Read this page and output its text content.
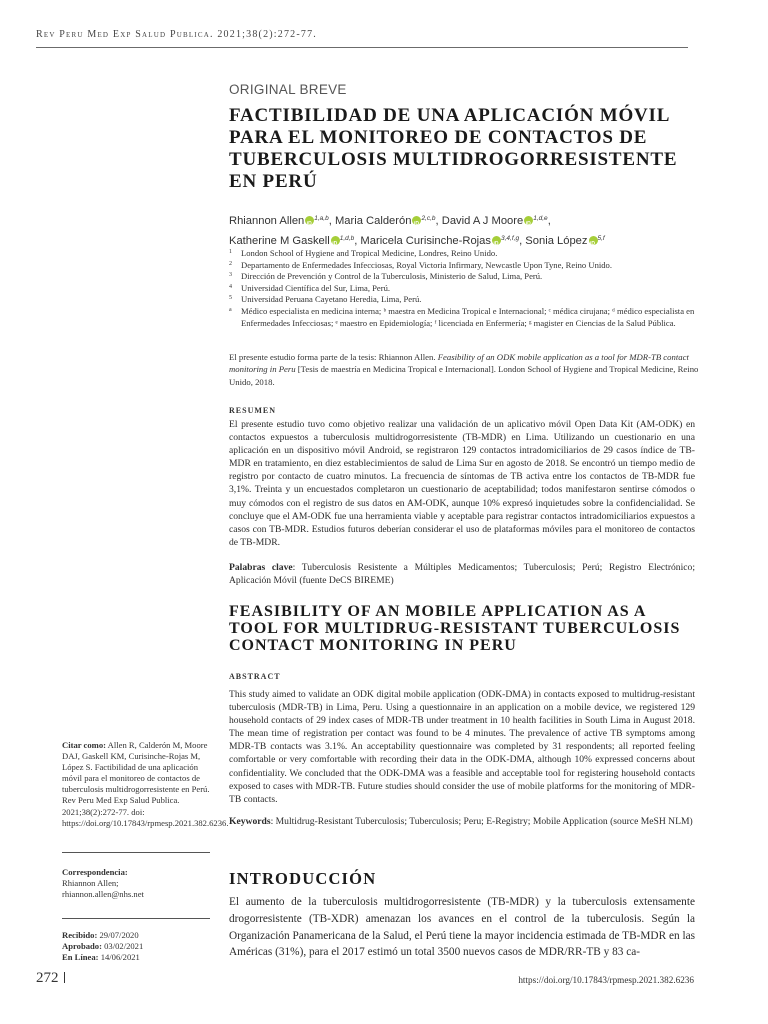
Rev Peru Med Exp Salud Publica. 2021;38(2):272-77.
ORIGINAL BREVE
FACTIBILIDAD DE UNA APLICACIÓN MÓVIL PARA EL MONITOREO DE CONTACTOS DE TUBERCULOSIS MULTIDROGORRESISTENTE EN PERÚ
Rhiannon Allen iD $^{1,a,b}$, Maria Calderón iD $^{2,c,b}$, David A J Moore iD $^{1,d,e}$,
Katherine M Gaskell iD $^{1,d,b}$, Maricela Curisinche-Rojas iD $^{3,4,f,g}$, Sonia López iD $^{5,f}$
1	London School of Hygiene and Tropical Medicine, Londres, Reino Unido.
2	Departamento de Enfermedades Infecciosas, Royal Victoria Infirmary, Newcastle Upon Tyne, Reino Unido.
3	Dirección de Prevención y Control de la Tuberculosis, Ministerio de Salud, Lima, Perú.
4	Universidad Científica del Sur, Lima, Perú.
5	Universidad Peruana Cayetano Heredia, Lima, Perú.
a	Médico especialista en medicina interna; ᵇ maestra en Medicina Tropical e Internacional; ᶜ médica cirujana; ᵈ médico especialista en Enfermedades Infecciosas; ᵉ maestro en Epidemiología; ᶠ licenciada en Enfermería; ᵍ magister en Ciencias de la Salud Pública.

El presente estudio forma parte de la tesis: Rhiannon Allen. Feasibility of an ODK mobile application as a tool for MDR-TB contact monitoring in Peru [Tesis de maestría en Medicina Tropical e Internacional]. London School of Hygiene and Tropical Medicine, Reino Unido, 2018.

resumen

El presente estudio tuvo como objetivo realizar una validación de un aplicativo móvil Open Data Kit (AM-ODK) en contactos expuestos a tuberculosis multidrogorresistente (TB-MDR) en Lima. Utilizando un cuestionario en una aplicación en un dispositivo móvil Android, se registraron 129 contactos intradomiciliarios de 29 casos índice de TB-MDR en tratamiento, en diez establecimientos de salud de Lima Sur en agosto de 2018. Se encontró un tiempo medio de registro por contacto de cuatro minutos. La frecuencia de síntomas de TB activa entre los contactos de TB-MDR fue 3,1%. Treinta y un encuestados completaron un cuestionario de aceptabilidad; todos manifestaron sentirse cómodos o muy cómodos con el registro de sus datos en AM-ODK, aunque 10% expresó inquietudes sobre la confidencialidad. Se concluye que el AM-ODK fue una herramienta viable y aceptable para registrar contactos intradomiciliarios expuestos a casos con TB-MDR. Estudios futuros deberían considerar el uso de plataformas móviles para el monitoreo de contactos de TB-MDR.

Palabras clave: Tuberculosis Resistente a Múltiples Medicamentos; Tuberculosis; Perú; Registro Electrónico; Aplicación Móvil (fuente DeCS BIREME)

FEASIBILITY OF AN MOBILE APPLICATION AS A TOOL FOR MULTIDRUG-RESISTANT TUBERCULOSIS CONTACT MONITORING IN PERU
abstract

This study aimed to validate an ODK digital mobile application (ODK-DMA) in contacts exposed to multidrug-resistant tuberculosis (MDR-TB) in Lima, Peru. Using a questionnaire in an application on a mobile device, we registered 129 household contacts of 29 index cases of MDR-TB under treatment in 10 health facilities in South Lima in August 2018. The mean time of registration per contact was found to be 4 minutes. The prevalence of active TB symptoms among MDR-TB contacts was 3.1%. An acceptability questionnaire was completed by 31 respondents; all reported feeling comfortable or very comfortable with recording their data in the ODK-DMA, although 10% expressed concerns about confidentiality. We concluded that the ODK-DMA was a feasible and acceptable tool for registering household contacts exposed to cases with MDR-TB. Future studies should consider the use of mobile platforms for the monitoring of MDR-TB contacts.

Keywords: Multidrug-Resistant Tuberculosis; Tuberculosis; Peru; E-Registry; Mobile Application (source MeSH NLM)

INTRODUCCIÓN

El aumento de la tuberculosis multidrogorresistente (TB-MDR) y la tuberculosis extensamente drogorresistente (TB-XDR) amenazan los avances en el control de la tuberculosis. Según la Organización Panamericana de la Salud, el Perú tiene la mayor incidencia estimada de TB-MDR en las Américas (31%), para el 2017 estimó un total 3500 nuevos casos de MDR/RR-TB y 83 ca-

Citar como: Allen R, Calderón M, Moore DAJ, Gaskell KM, Curisinche-Rojas M, López S. Factibilidad de una aplicación móvil para el monitoreo de contactos de tuberculosis multidrogorresistente en Perú. Rev Peru Med Exp Salud Publica. 2021;38(2):272-77. doi: https://doi.org/10.17843/rpmesp.2021.382.6236.
Correspondencia:
Rhiannon Allen;
rhiannon.allen@nhs.net
Recibido: 29/07/2020
Aprobado: 03/02/2021
En Línea: 14/06/2021
272	https://doi.org/10.17843/rpmesp.2021.382.6236
